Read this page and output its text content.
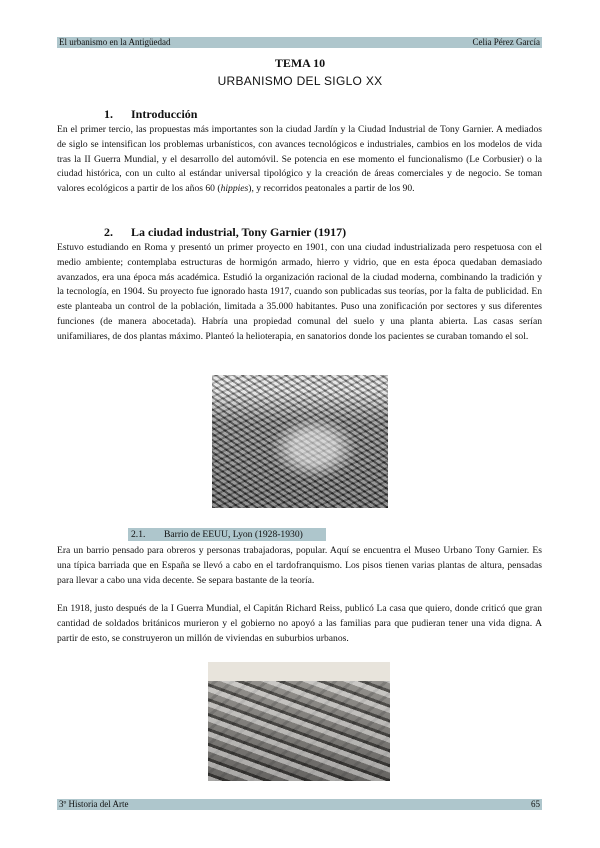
El urbanismo en la Antigüedad	Celia Pérez García
TEMA 10
URBANISMO DEL SIGLO XX
1. Introducción
En el primer tercio, las propuestas más importantes son la ciudad Jardín y la Ciudad Industrial de Tony Garnier. A mediados de siglo se intensifican los problemas urbanísticos, con avances tecnológicos e industriales, cambios en los modelos de vida tras la II Guerra Mundial, y el desarrollo del automóvil. Se potencia en ese momento el funcionalismo (Le Corbusier) o la ciudad histórica, con un culto al estándar universal tipológico y la creación de áreas comerciales y de negocio. Se toman valores ecológicos a partir de los años 60 (hippies), y recorridos peatonales a partir de los 90.
2. La ciudad industrial, Tony Garnier (1917)
Estuvo estudiando en Roma y presentó un primer proyecto en 1901, con una ciudad industrializada pero respetuosa con el medio ambiente; contemplaba estructuras de hormigón armado, hierro y vidrio, que en esta época quedaban demasiado avanzados, era una época más académica. Estudió la organización racional de la ciudad moderna, combinando la tradición y la tecnología, en 1904. Su proyecto fue ignorado hasta 1917, cuando son publicadas sus teorías, por la falta de publicidad. En este planteaba un control de la población, limitada a 35.000 habitantes. Puso una zonificación por sectores y sus diferentes funciones (de manera abocetada). Habría una propiedad comunal del suelo y una planta abierta. Las casas serían unifamiliares, de dos plantas máximo. Planteó la helioterapia, en sanatorios donde los pacientes se curaban tomando el sol.
2.1. Barrio de EEUU, Lyon (1928-1930)
Era un barrio pensado para obreros y personas trabajadoras, popular. Aquí se encuentra el Museo Urbano Tony Garnier. Es una típica barriada que en España se llevó a cabo en el tardofranquismo. Los pisos tienen varias plantas de altura, pensadas para llevar a cabo una vida decente. Se separa bastante de la teoría.
En 1918, justo después de la I Guerra Mundial, el Capitán Richard Reiss, publicó La casa que quiero, donde criticó que gran cantidad de soldados británicos murieron y el gobierno no apoyó a las familias para que pudieran tener una vida digna. A partir de esto, se construyeron un millón de viviendas en suburbios urbanos.
3º Historia del Arte	65
